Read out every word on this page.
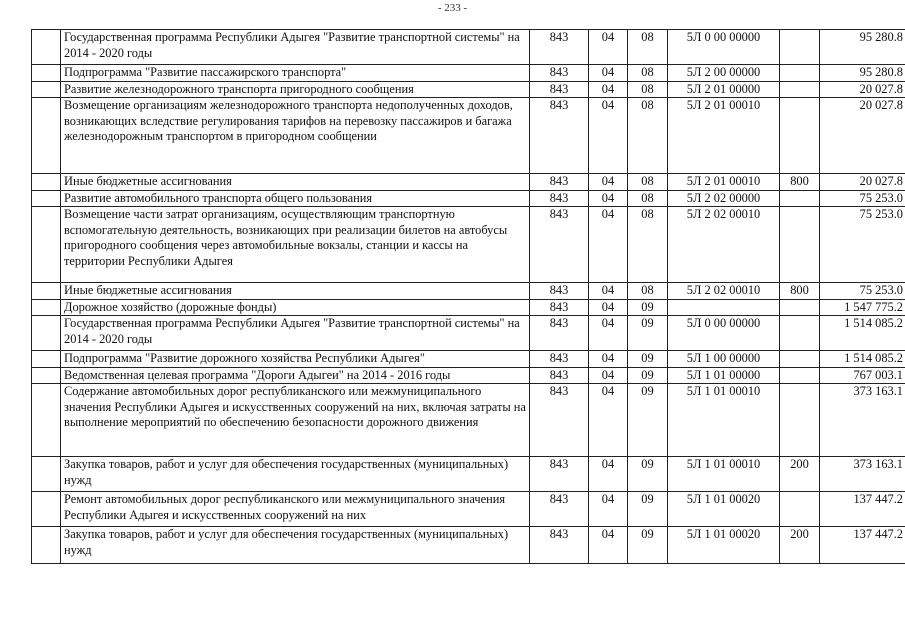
- 233 -
	Государственная программа Республики Адыгея "Развитие транспортной системы" на 2014 - 2020 годы	843	04	08	5Л 0 00 00000		95 280.8
	Подпрограмма "Развитие пассажирского транспорта"	843	04	08	5Л 2 00 00000		95 280.8
	Развитие железнодорожного транспорта пригородного сообщения	843	04	08	5Л 2 01 00000		20 027.8
	Возмещение организациям железнодорожного транспорта недополученных доходов, возникающих вследствие регулирования тарифов на перевозку пассажиров и багажа железнодорожным транспортом в пригородном сообщении	843	04	08	5Л 2 01 00010		20 027.8
	Иные бюджетные ассигнования	843	04	08	5Л 2 01 00010	800	20 027.8
	Развитие автомобильного транспорта общего пользования	843	04	08	5Л 2 02 00000		75 253.0
	Возмещение части затрат организациям, осуществляющим транспортную вспомогательную деятельность, возникающих при реализации билетов на автобусы пригородного сообщения через автомобильные вокзалы, станции и кассы на территории Республики Адыгея	843	04	08	5Л 2 02 00010		75 253.0
	Иные бюджетные ассигнования	843	04	08	5Л 2 02 00010	800	75 253.0
	Дорожное хозяйство (дорожные фонды)	843	04	09			1 547 775.2
	Государственная программа Республики Адыгея "Развитие транспортной системы" на 2014 - 2020 годы	843	04	09	5Л 0 00 00000		1 514 085.2
	Подпрограмма "Развитие дорожного хозяйства Республики Адыгея"	843	04	09	5Л 1 00 00000		1 514 085.2
	Ведомственная целевая программа "Дороги Адыгеи" на 2014 - 2016 годы	843	04	09	5Л 1 01 00000		767 003.1
	Содержание автомобильных дорог республиканского или межмуниципального значения Республики Адыгея и искусственных сооружений на них, включая затраты на выполнение мероприятий по обеспечению безопасности дорожного движения	843	04	09	5Л 1 01 00010		373 163.1
	Закупка товаров, работ и услуг для обеспечения государственных (муниципальных) нужд	843	04	09	5Л 1 01 00010	200	373 163.1
	Ремонт автомобильных дорог республиканского или межмуниципального значения Республики Адыгея и искусственных сооружений на них	843	04	09	5Л 1 01 00020		137 447.2
	Закупка товаров, работ и услуг для обеспечения государственных (муниципальных) нужд	843	04	09	5Л 1 01 00020	200	137 447.2
